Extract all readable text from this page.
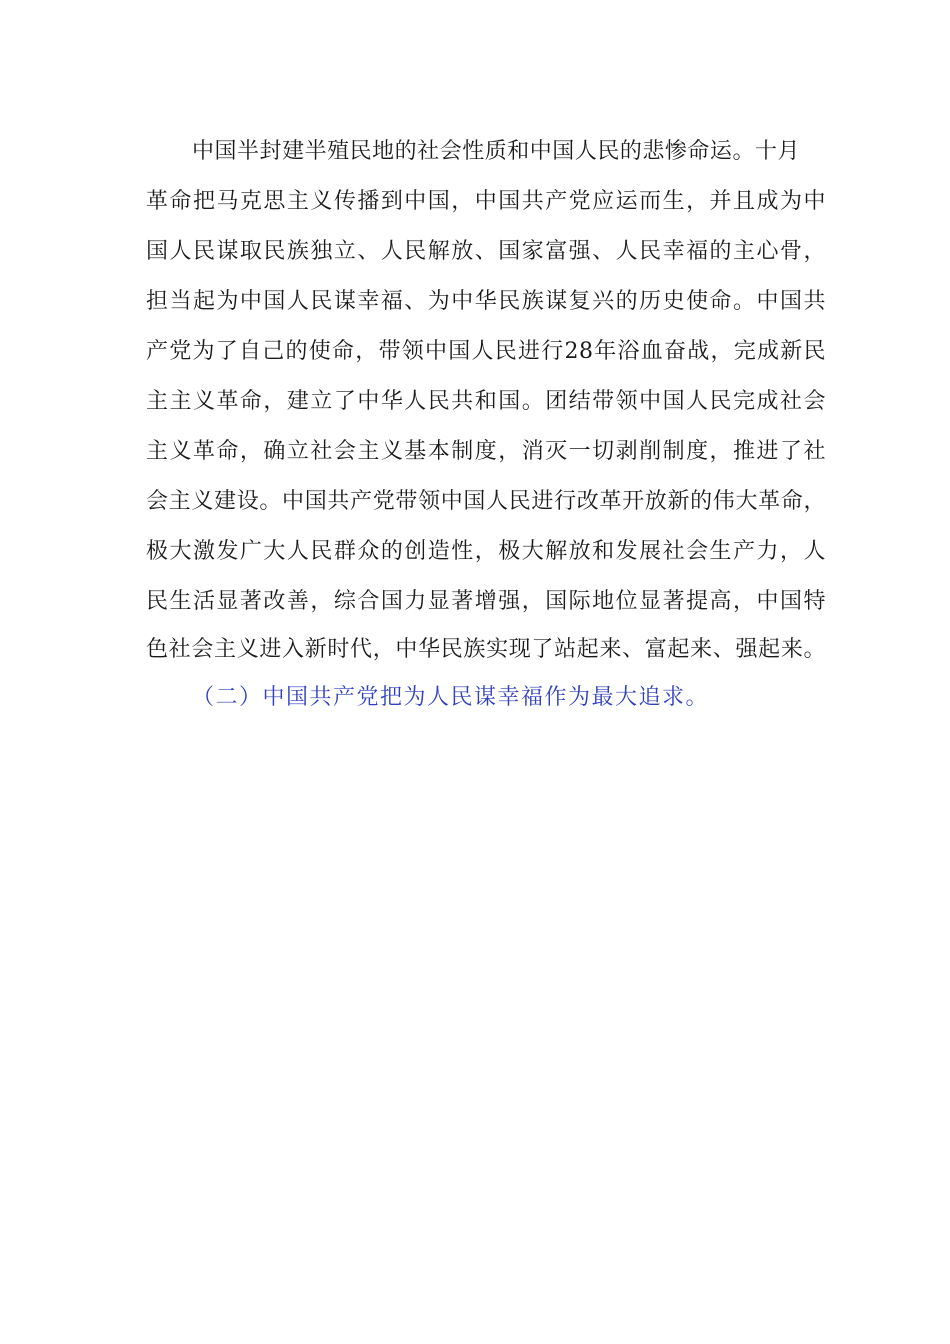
中国半封建半殖民地的社会性质和中国人民的悲惨命运。十月
革命把马克思主义传播到中国，中国共产党应运而生，并且成为中
国人民谋取民族独立、人民解放、国家富强、人民幸福的主心骨，
担当起为中国人民谋幸福、为中华民族谋复兴的历史使命。中国共
产党为了自己的使命，带领中国人民进行28年浴血奋战，完成新民
主主义革命，建立了中华人民共和国。团结带领中国人民完成社会
主义革命，确立社会主义基本制度，消灭一切剥削制度，推进了社
会主义建设。中国共产党带领中国人民进行改革开放新的伟大革命，
极大激发广大人民群众的创造性，极大解放和发展社会生产力，人
民生活显著改善，综合国力显著增强，国际地位显著提高，中国特
色社会主义进入新时代，中华民族实现了站起来、富起来、强起来。
（二）中国共产党把为人民谋幸福作为最大追求。
